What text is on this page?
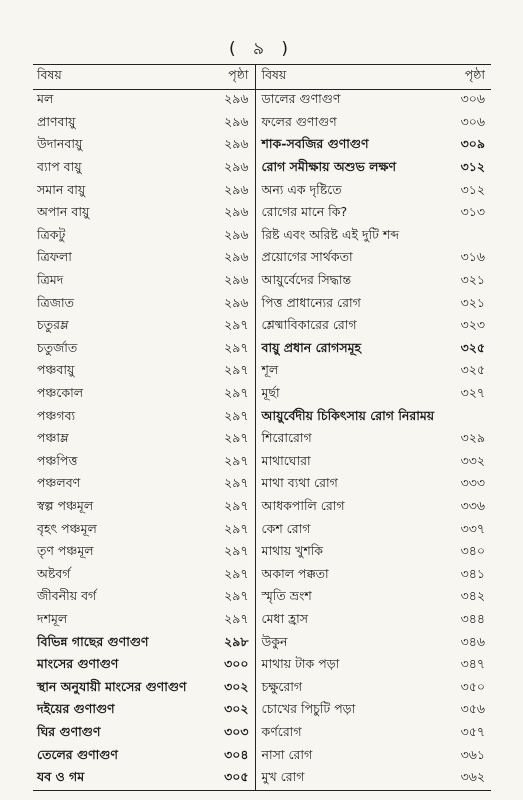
( ৯ )
বিষয়	পৃষ্ঠা	বিষয়	পৃষ্ঠা
মল	২৯৬	ডালের গুণাগুণ	৩০৬
প্রাণবায়ু	২৯৬	ফলের গুণাগুণ	৩০৬
উদানবায়ু	২৯৬	শাক-সবজির গুণাগুণ	৩০৯
ব্যাপ বায়ু	২৯৬	রোগ সমীক্ষায় অশুভ লক্ষণ	৩১২
সমান বায়ু	২৯৬	অন্য এক দৃষ্টিতে	৩১২
অপান বায়ু	২৯৬	রোগের মানে কি?	৩১৩
ত্রিকটু	২৯৬	রিষ্ট এবং অরিষ্ট এই দুটি শব্দ	
ত্রিফলা	২৯৬	প্রয়োগের সার্থকতা	৩১৬
ত্রিমদ	২৯৬	আয়ুর্বেদের সিদ্ধান্ত	৩২১
ত্রিজাত	২৯৬	পিত্ত প্রাধান্যের রোগ	৩২১
চতুরম্ল	২৯৭	শ্লেষ্মাবিকারের রোগ	৩২৩
চতুর্জাত	২৯৭	বায়ু প্রধান রোগসমূহ	৩২৫
পঞ্চবায়ু	২৯৭	শূল	৩২৫
পঞ্চকোল	২৯৭	মূর্ছা	৩২৭
পঞ্চগব্য	২৯৭	আয়ুর্বেদীয় চিকিৎসায় রোগ নিরাময়	
পঞ্চাম্ল	২৯৭	শিরোরোগ	৩২৯
পঞ্চপিত্ত	২৯৭	মাথাঘোরা	৩৩২
পঞ্চলবণ	২৯৭	মাথা ব্যথা রোগ	৩৩৩
স্বল্প পঞ্চমূল	২৯৭	আধকপালি রোগ	৩৩৬
বৃহৎ পঞ্চমূল	২৯৭	কেশ রোগ	৩৩৭
তৃণ পঞ্চমূল	২৯৭	মাথায় খুশকি	৩৪০
অষ্টবর্গ	২৯৭	অকাল পক্কতা	৩৪১
জীবনীয় বর্গ	২৯৭	স্মৃতি ভ্রংশ	৩৪২
দশমূল	২৯৭	মেধা হ্রাস	৩৪৪
বিভিন্ন গাছের গুণাগুণ	২৯৮	উকুন	৩৪৬
মাংসের গুণাগুণ	৩০০	মাথায় টাক পড়া	৩৪৭
স্থান অনুযায়ী মাংসের গুণাগুণ	৩০২	চক্ষুরোগ	৩৫০
দইয়ের গুণাগুণ	৩০২	চোখের পিচুটি পড়া	৩৫৬
ঘির গুণাগুণ	৩০৩	কর্ণরোগ	৩৫৭
তেলের গুণাগুণ	৩০৪	নাসা রোগ	৩৬১
যব ও গম	৩০৫	মুখ রোগ	৩৬২
